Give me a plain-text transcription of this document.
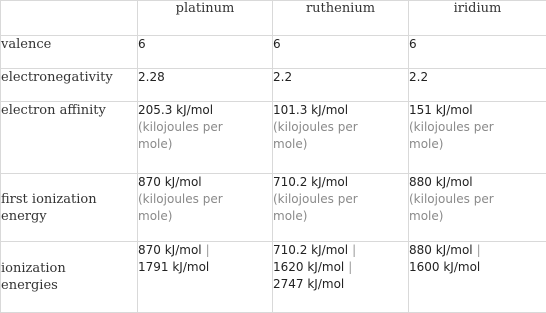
	platinum	ruthenium	iridium
valence	6	6	6
electronegativity	2.28	2.2	2.2
electron affinity	205.3 kJ/mol
(kilojoules per
mole)	101.3 kJ/mol
(kilojoules per
mole)	151 kJ/mol
(kilojoules per
mole)

first ionization
energy	870 kJ/mol
(kilojoules per
mole)	710.2 kJ/mol
(kilojoules per
mole)	880 kJ/mol
(kilojoules per
mole)

ionization
energies	870 kJ/mol |
1791 kJ/mol	710.2 kJ/mol |
1620 kJ/mol |
2747 kJ/mol	880 kJ/mol |
1600 kJ/mol
